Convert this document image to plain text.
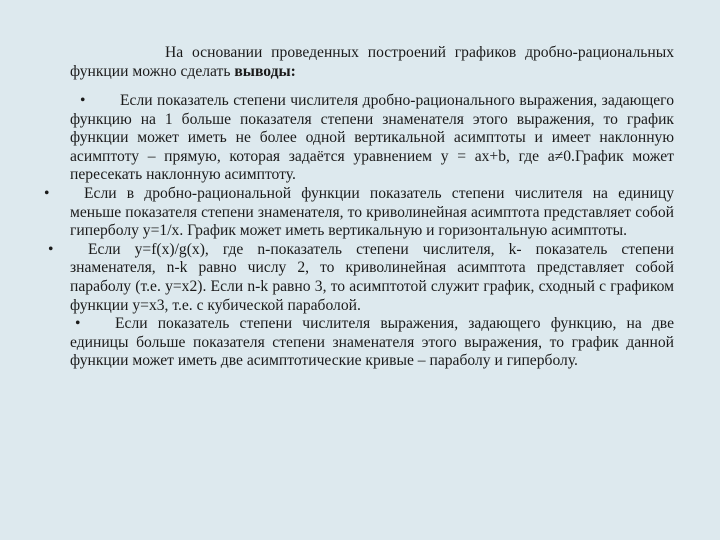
На основании проведенных построений графиков дробно-рациональных функции можно сделать выводы:

• Если показатель степени числителя дробно-рационального выражения, задающего функцию на 1 больше показателя степени знаменателя этого выражения, то график функции может иметь не более одной вертикальной асимптоты и имеет наклонную асимптоту – прямую, которая задаётся уравнением y = ax+b, где a≠0.График может пересекать наклонную асимптоту.
• Если в дробно-рациональной функции показатель степени числителя на единицу меньше показателя степени знаменателя, то криволинейная асимптота представляет собой гиперболу y=1/x. График может иметь вертикальную и горизонтальную асимптоты.
• Если y=f(x)/g(x), где n-показатель степени числителя, k- показатель степени знаменателя, n-k равно числу 2, то криволинейная асимптота представляет собой параболу (т.е. y=x2). Если n-k равно 3, то асимптотой служит график, сходный с графиком функции y=x3, т.е. с кубической параболой.
• Если показатель степени числителя выражения, задающего функцию, на две единицы больше показателя степени знаменателя этого выражения, то график данной функции может иметь две асимптотические кривые – параболу и гиперболу.
